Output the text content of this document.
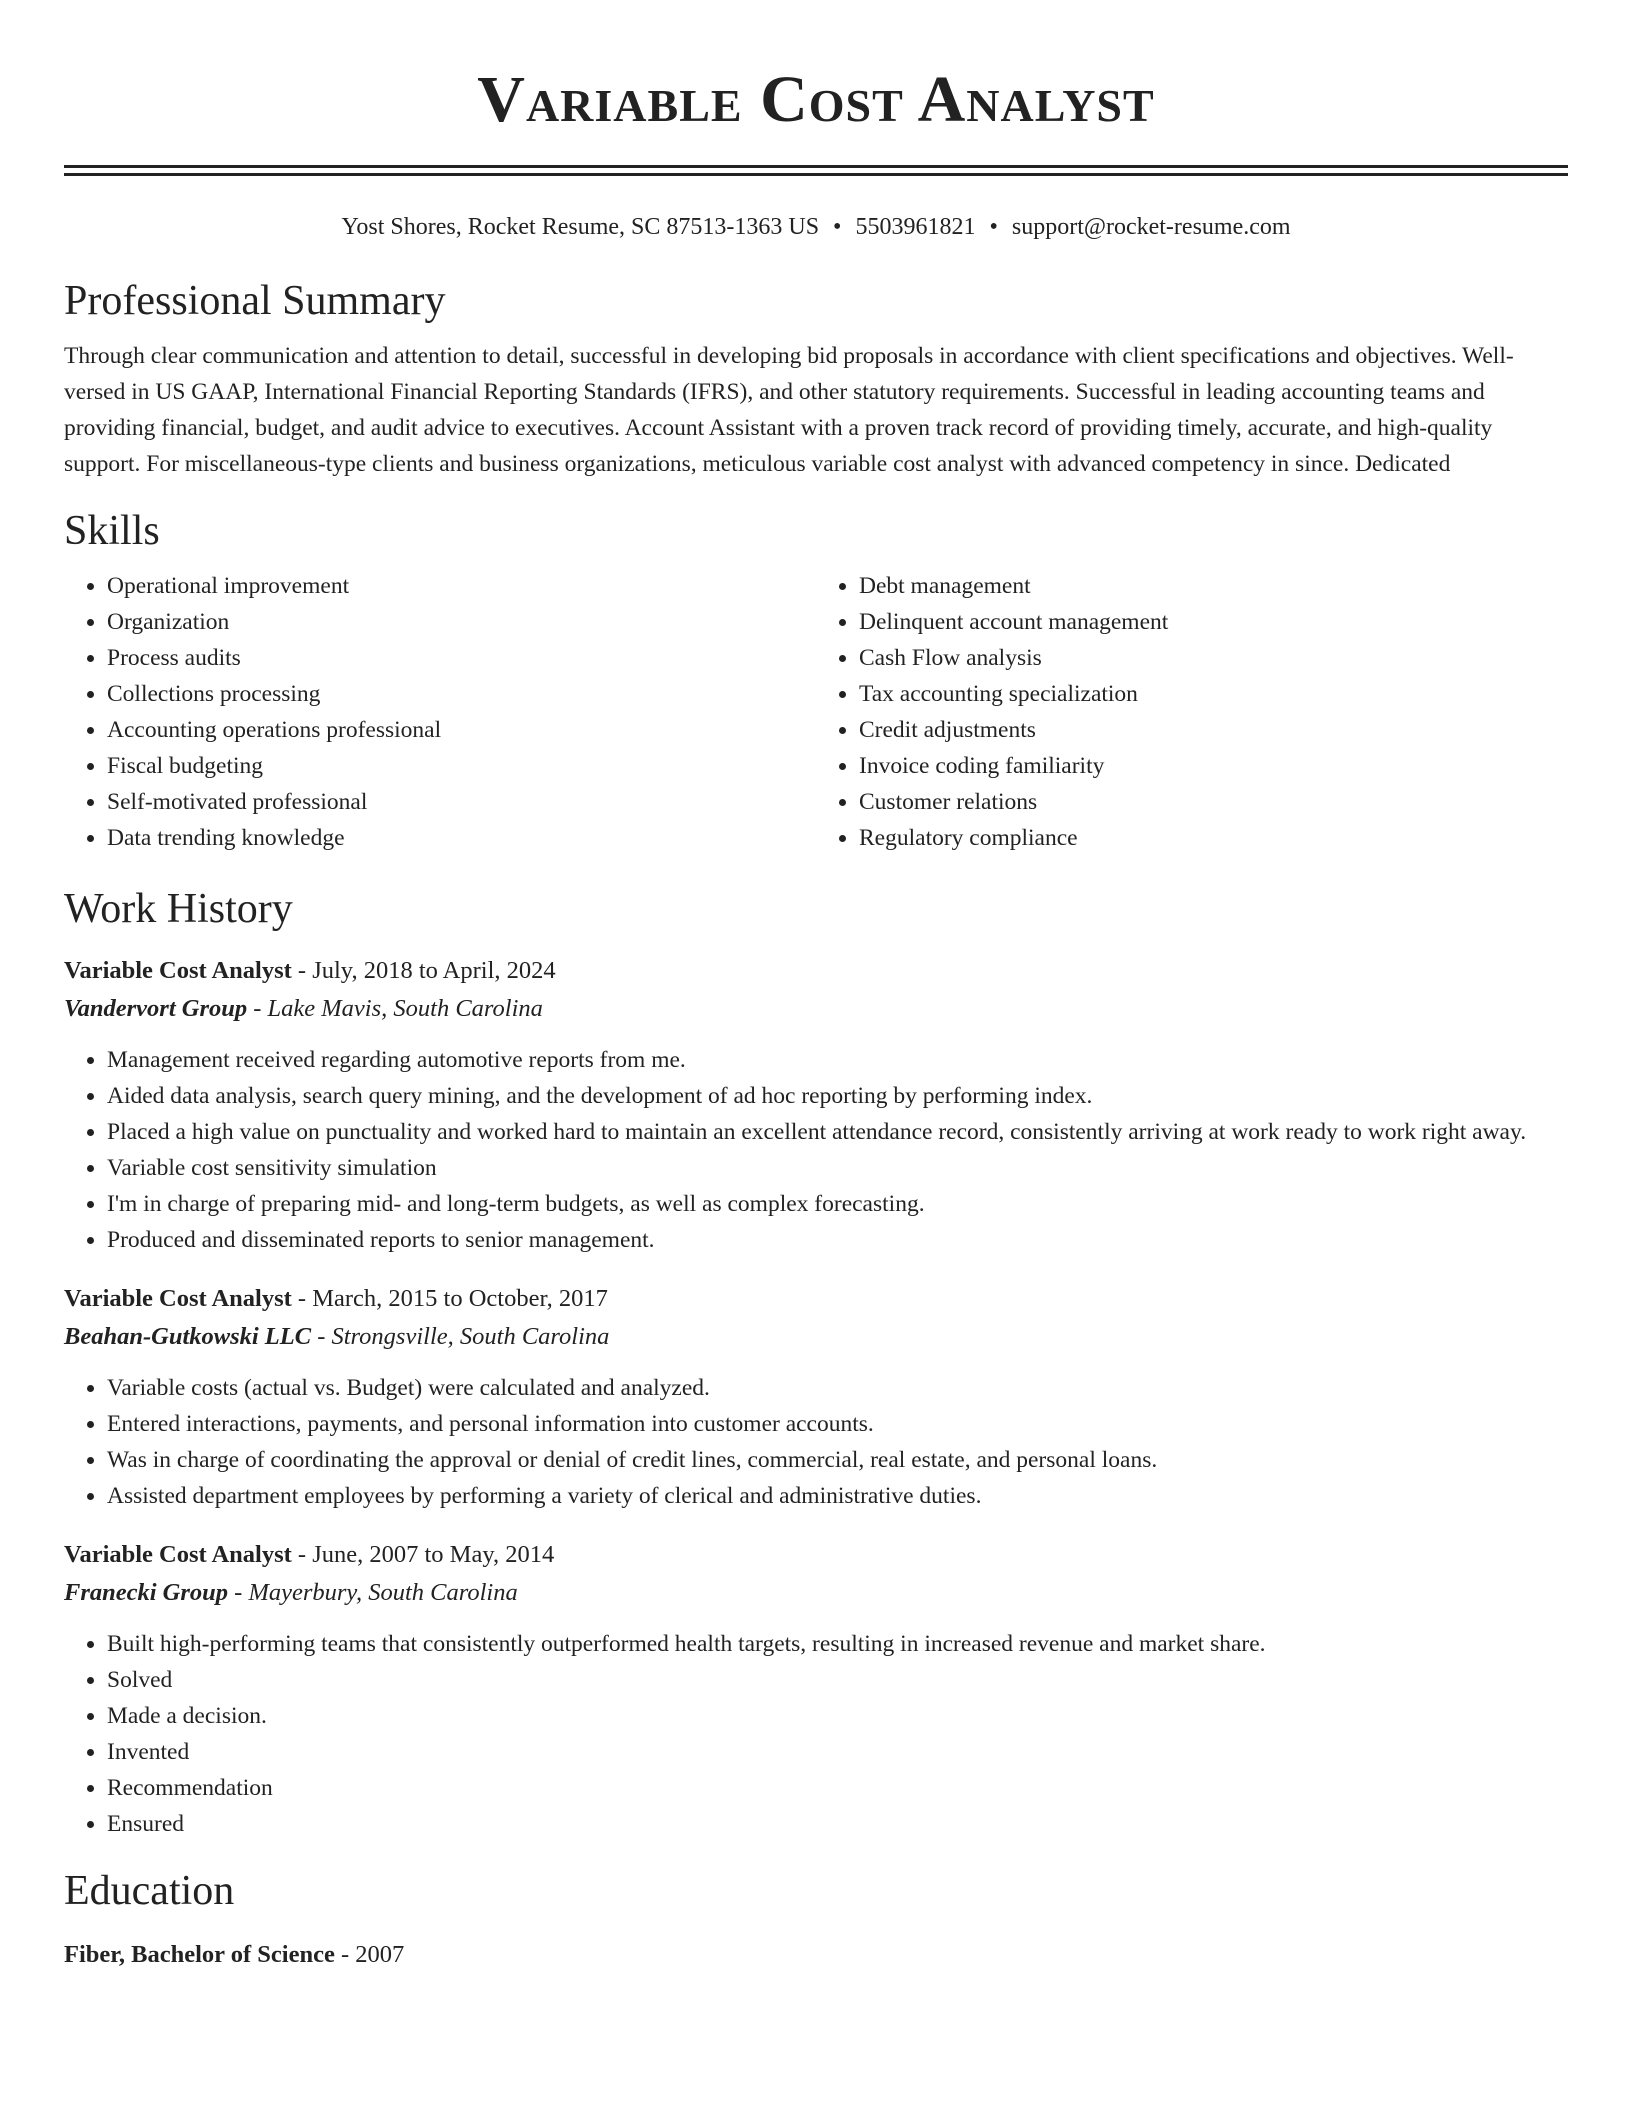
Variable Cost Analyst
Yost Shores, Rocket Resume, SC 87513-1363 US • 5503961821 • support@rocket-resume.com
Professional Summary
Through clear communication and attention to detail, successful in developing bid proposals in accordance with client specifications and objectives. Well-versed in US GAAP, International Financial Reporting Standards (IFRS), and other statutory requirements. Successful in leading accounting teams and providing financial, budget, and audit advice to executives. Account Assistant with a proven track record of providing timely, accurate, and high-quality support. For miscellaneous-type clients and business organizations, meticulous variable cost analyst with advanced competency in since. Dedicated
Skills
• Operational improvement
• Organization
• Process audits
• Collections processing
• Accounting operations professional
• Fiscal budgeting
• Self-motivated professional
• Data trending knowledge
• Debt management
• Delinquent account management
• Cash Flow analysis
• Tax accounting specialization
• Credit adjustments
• Invoice coding familiarity
• Customer relations
• Regulatory compliance
Work History
Variable Cost Analyst - July, 2018 to April, 2024
Vandervort Group - Lake Mavis, South Carolina
• Management received regarding automotive reports from me.
• Aided data analysis, search query mining, and the development of ad hoc reporting by performing index.
• Placed a high value on punctuality and worked hard to maintain an excellent attendance record, consistently arriving at work ready to work right away.
• Variable cost sensitivity simulation
• I'm in charge of preparing mid- and long-term budgets, as well as complex forecasting.
• Produced and disseminated reports to senior management.
Variable Cost Analyst - March, 2015 to October, 2017
Beahan-Gutkowski LLC - Strongsville, South Carolina
• Variable costs (actual vs. Budget) were calculated and analyzed.
• Entered interactions, payments, and personal information into customer accounts.
• Was in charge of coordinating the approval or denial of credit lines, commercial, real estate, and personal loans.
• Assisted department employees by performing a variety of clerical and administrative duties.
Variable Cost Analyst - June, 2007 to May, 2014
Franecki Group - Mayerbury, South Carolina
• Built high-performing teams that consistently outperformed health targets, resulting in increased revenue and market share.
• Solved
• Made a decision.
• Invented
• Recommendation
• Ensured
Education
Fiber, Bachelor of Science - 2007
